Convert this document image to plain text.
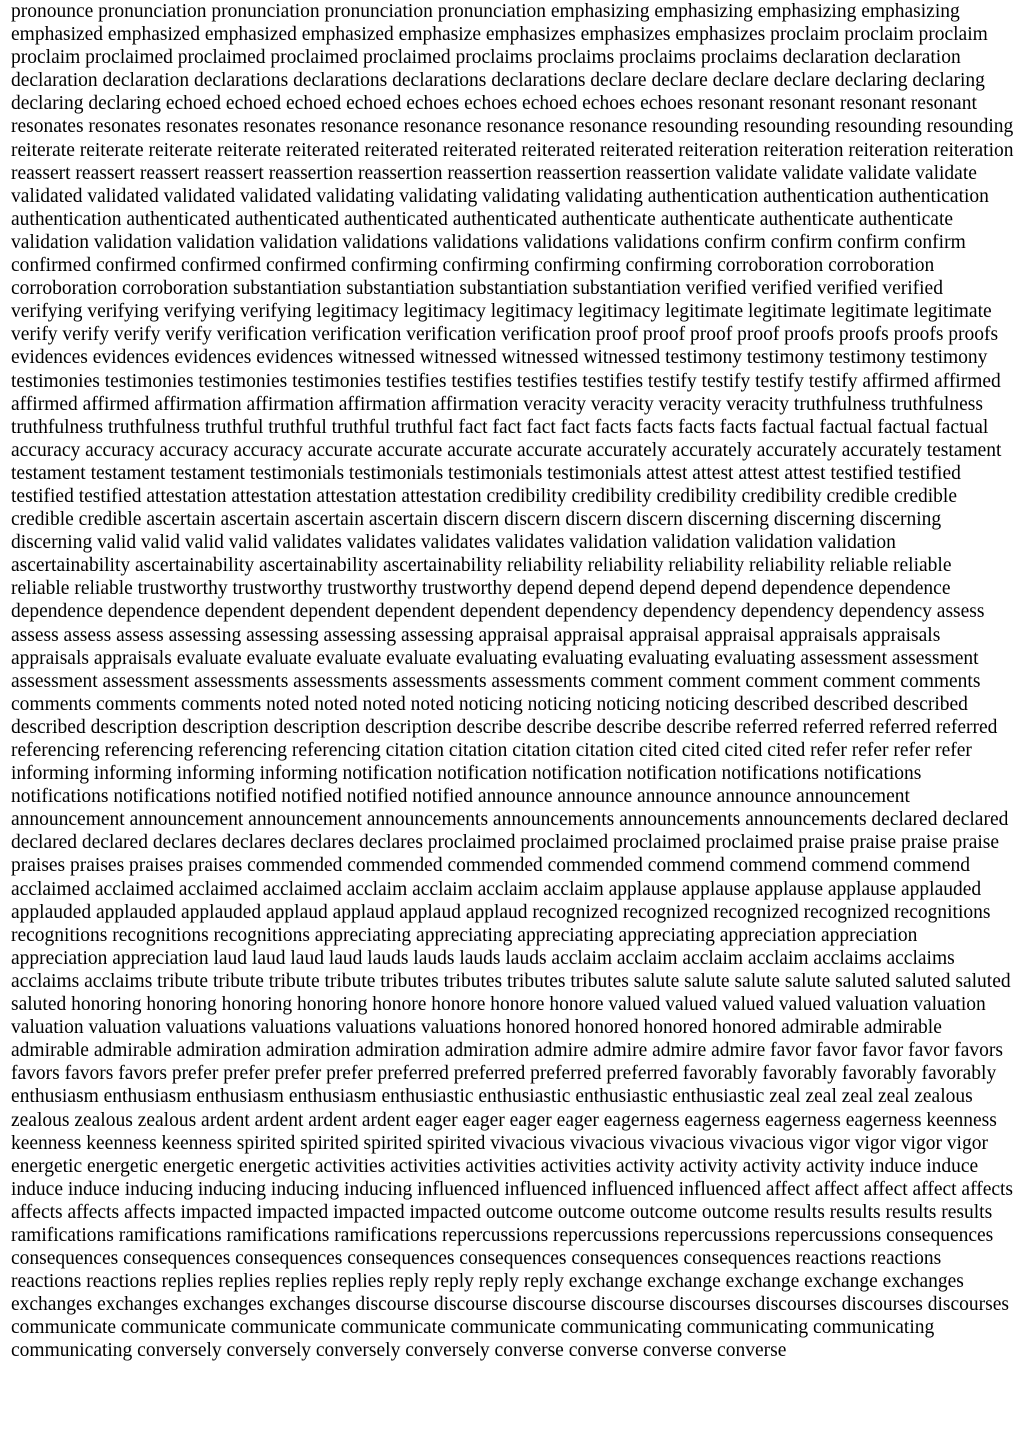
pronounce pronunciation pronunciation pronunciation pronunciation emphasizing emphasizing emphasizing emphasizing emphasized emphasized emphasized emphasized emphasize emphasizes emphasizes emphasizes proclaim proclaim proclaim proclaim proclaimed proclaimed proclaimed proclaimed proclaims proclaims proclaims proclaims declaration declaration declaration declaration declarations declarations declarations declarations declare declare declare declare declaring declaring declaring declaring echoed echoed echoed echoed echoes echoes echoed echoes echoes resonant resonant resonant resonant resonates resonates resonates resonates resonance resonance resonance resonance resounding resounding resounding resounding reiterate reiterate reiterate reiterate reiterated reiterated reiterated reiterated reiterated reiteration reiteration reiteration reiteration reassert reassert reassert reassert reassertion reassertion reassertion reassertion reassertion validate validate validate validate validated validated validated validated validating validating validating validating authentication authentication authentication authentication authenticated authenticated authenticated authenticated authenticate authenticate authenticate authenticate validation validation validation validation validations validations validations validations confirm confirm confirm confirm confirmed confirmed confirmed confirmed confirming confirming confirming confirming corroboration corroboration corroboration corroboration substantiation substantiation substantiation substantiation verified verified verified verified verifying verifying verifying verifying legitimacy legitimacy legitimacy legitimacy legitimate legitimate legitimate legitimate verify verify verify verify verification verification verification verification proof proof proof proof proofs proofs proofs proofs evidences evidences evidences evidences witnessed witnessed witnessed witnessed testimony testimony testimony testimony testimonies testimonies testimonies testimonies testifies testifies testifies testifies testify testify testify testify affirmed affirmed affirmed affirmed affirmation affirmation affirmation affirmation veracity veracity veracity veracity truthfulness truthfulness truthfulness truthfulness truthful truthful truthful truthful fact fact fact fact facts facts facts facts factual factual factual factual accuracy accuracy accuracy accuracy accurate accurate accurate accurate accurately accurately accurately accurately testament testament testament testament testimonials testimonials testimonials testimonials attest attest attest attest testified testified testified testified attestation attestation attestation attestation credibility credibility credibility credibility credible credible credible credible ascertain ascertain ascertain ascertain discern discern discern discern discerning discerning discerning discerning valid valid valid valid validates validates validates validates validation validation validation validation ascertainability ascertainability ascertainability ascertainability reliability reliability reliability reliability reliable reliable reliable reliable trustworthy trustworthy trustworthy trustworthy depend depend depend depend dependence dependence dependence dependence dependent dependent dependent dependent dependency dependency dependency dependency assess assess assess assess assessing assessing assessing assessing appraisal appraisal appraisal appraisal appraisals appraisals appraisals appraisals evaluate evaluate evaluate evaluate evaluating evaluating evaluating evaluating assessment assessment assessment assessment assessments assessments assessments assessments comment comment comment comment comments comments comments comments noted noted noted noted noticing noticing noticing noticing described described described described description description description description describe describe describe describe referred referred referred referred referencing referencing referencing referencing citation citation citation citation cited cited cited cited refer refer refer refer informing informing informing informing notification notification notification notification notifications notifications notifications notifications notified notified notified notified announce announce announce announce announcement announcement announcement announcement announcements announcements announcements announcements declared declared declared declared declares declares declares declares proclaimed proclaimed proclaimed proclaimed praise praise praise praise praises praises praises praises commended commended commended commended commend commend commend commend acclaimed acclaimed acclaimed acclaimed acclaim acclaim acclaim acclaim applause applause applause applause applauded applauded applauded applauded applaud applaud applaud applaud recognized recognized recognized recognized recognitions recognitions recognitions recognitions appreciating appreciating appreciating appreciating appreciation appreciation appreciation appreciation laud laud laud laud lauds lauds lauds lauds acclaim acclaim acclaim acclaim acclaims acclaims acclaims acclaims tribute tribute tribute tribute tributes tributes tributes tributes salute salute salute salute saluted saluted saluted saluted honoring honoring honoring honoring honore honore honore honore valued valued valued valued valuation valuation valuation valuation valuations valuations valuations valuations honored honored honored honored admirable admirable admirable admirable admiration admiration admiration admiration admire admire admire admire favor favor favor favor favors favors favors favors prefer prefer prefer prefer preferred preferred preferred preferred favorably favorably favorably favorably enthusiasm enthusiasm enthusiasm enthusiasm enthusiastic enthusiastic enthusiastic enthusiastic zeal zeal zeal zeal zealous zealous zealous zealous ardent ardent ardent ardent eager eager eager eager eagerness eagerness eagerness eagerness keenness keenness keenness keenness spirited spirited spirited spirited vivacious vivacious vivacious vivacious vigor vigor vigor vigor energetic energetic energetic energetic activities activities activities activities activity activity activity activity induce induce induce induce inducing inducing inducing inducing influenced influenced influenced influenced affect affect affect affect affects affects affects affects impacted impacted impacted impacted outcome outcome outcome outcome results results results results ramifications ramifications ramifications ramifications repercussions repercussions repercussions repercussions consequences consequences consequences consequences consequences consequences consequences consequences reactions reactions reactions reactions replies replies replies replies reply reply reply reply exchange exchange exchange exchange exchanges exchanges exchanges exchanges exchanges discourse discourse discourse discourse discourses discourses discourses discourses communicate communicate communicate communicate communicate communicating communicating communicating communicating conversely conversely conversely conversely converse converse converse converse
